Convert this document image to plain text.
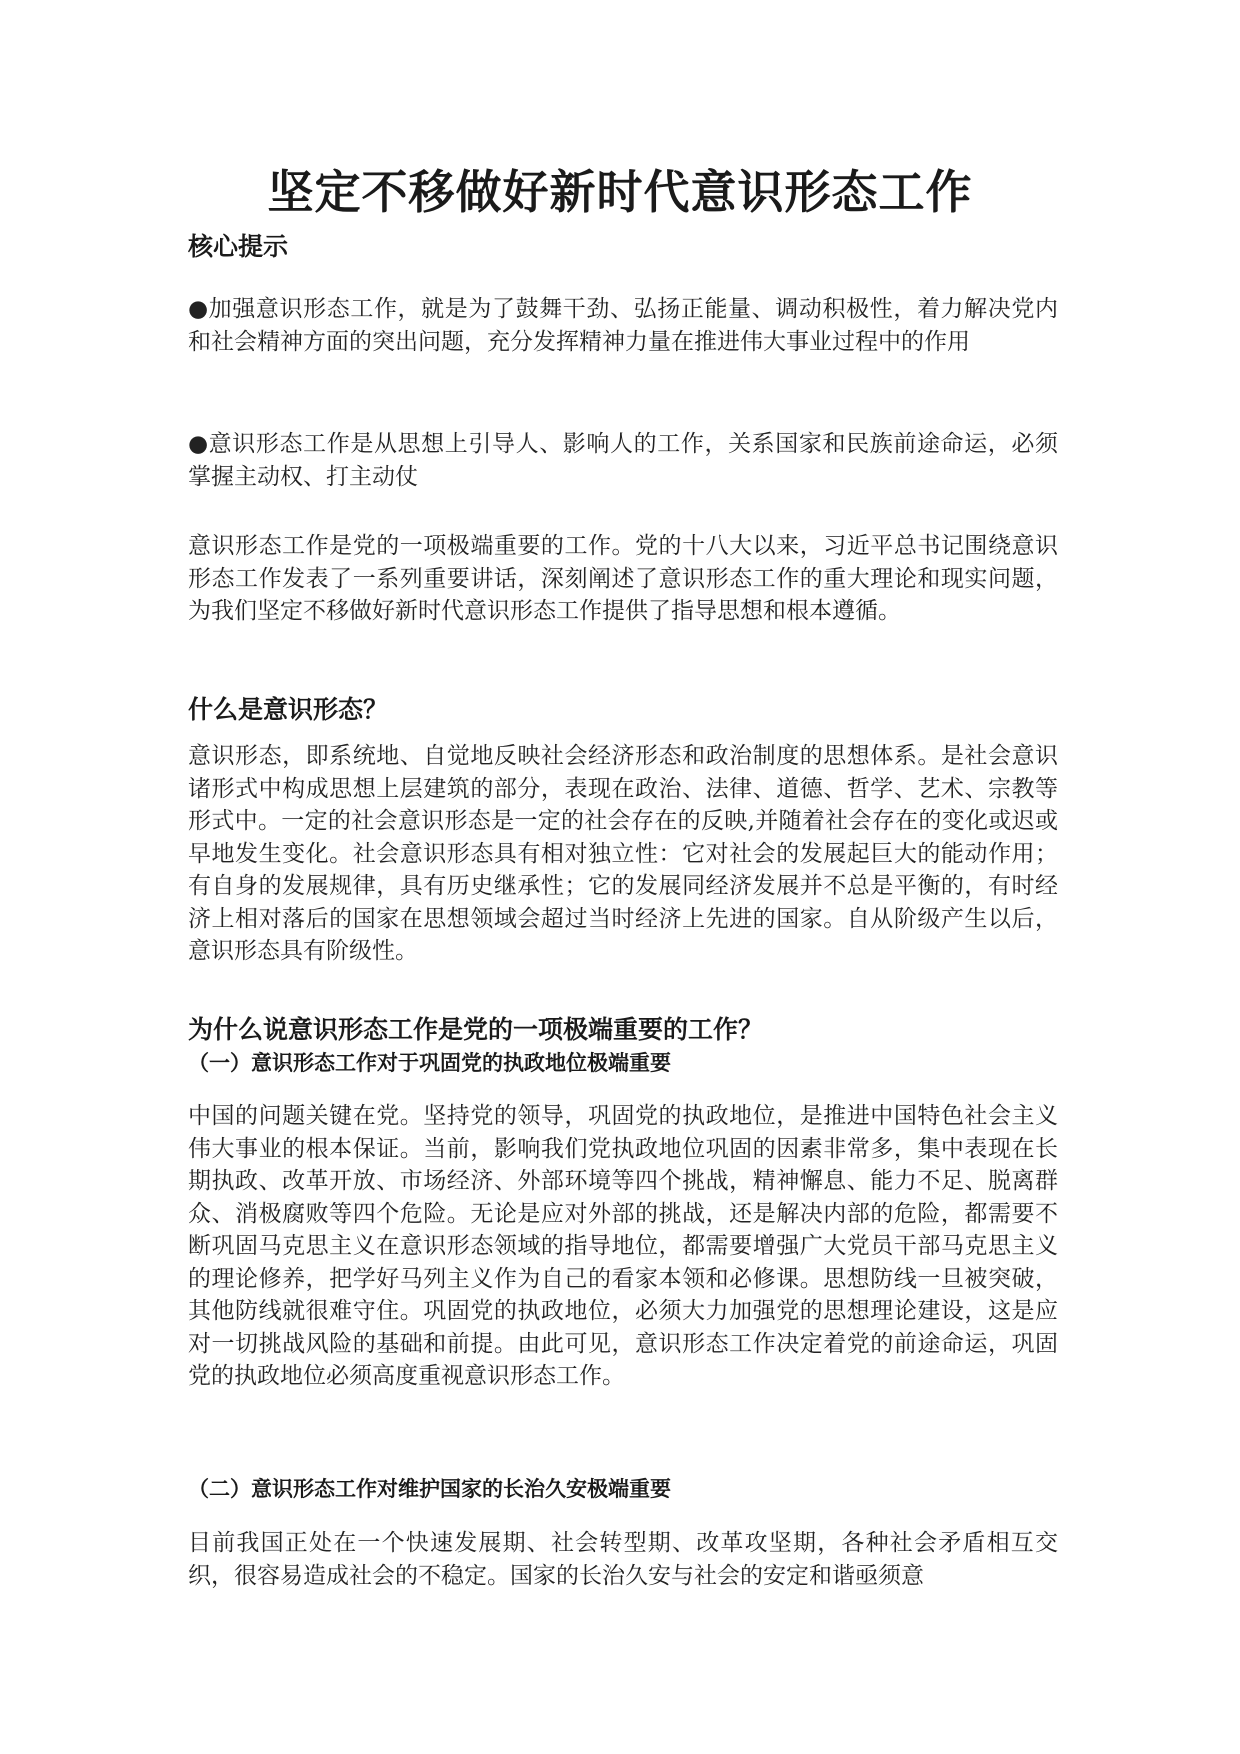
坚定不移做好新时代意识形态工作
核心提示

●加强意识形态工作，就是为了鼓舞干劲、弘扬正能量、调动积极性，着力解决党内和社会精神方面的突出问题，充分发挥精神力量在推进伟大事业过程中的作用

●意识形态工作是从思想上引导人、影响人的工作，关系国家和民族前途命运，必须掌握主动权、打主动仗

意识形态工作是党的一项极端重要的工作。党的十八大以来，习近平总书记围绕意识形态工作发表了一系列重要讲话，深刻阐述了意识形态工作的重大理论和现实问题，为我们坚定不移做好新时代意识形态工作提供了指导思想和根本遵循。

什么是意识形态？

意识形态，即系统地、自觉地反映社会经济形态和政治制度的思想体系。是社会意识诸形式中构成思想上层建筑的部分，表现在政治、法律、道德、哲学、艺术、宗教等形式中。一定的社会意识形态是一定的社会存在的反映,并随着社会存在的变化或迟或早地发生变化。社会意识形态具有相对独立性：它对社会的发展起巨大的能动作用；有自身的发展规律，具有历史继承性；它的发展同经济发展并不总是平衡的，有时经济上相对落后的国家在思想领域会超过当时经济上先进的国家。自从阶级产生以后，意识形态具有阶级性。

为什么说意识形态工作是党的一项极端重要的工作？
（一）意识形态工作对于巩固党的执政地位极端重要

中国的问题关键在党。坚持党的领导，巩固党的执政地位，是推进中国特色社会主义伟大事业的根本保证。当前，影响我们党执政地位巩固的因素非常多，集中表现在长期执政、改革开放、市场经济、外部环境等四个挑战，精神懈息、能力不足、脱离群众、消极腐败等四个危险。无论是应对外部的挑战，还是解决内部的危险，都需要不断巩固马克思主义在意识形态领域的指导地位，都需要增强广大党员干部马克思主义的理论修养，把学好马列主义作为自己的看家本领和必修课。思想防线一旦被突破，其他防线就很难守住。巩固党的执政地位，必须大力加强党的思想理论建设，这是应对一切挑战风险的基础和前提。由此可见，意识形态工作决定着党的前途命运，巩固党的执政地位必须高度重视意识形态工作。

（二）意识形态工作对维护国家的长治久安极端重要

目前我国正处在一个快速发展期、社会转型期、改革攻坚期，各种社会矛盾相互交织，很容易造成社会的不稳定。国家的长治久安与社会的安定和谐亟须意
